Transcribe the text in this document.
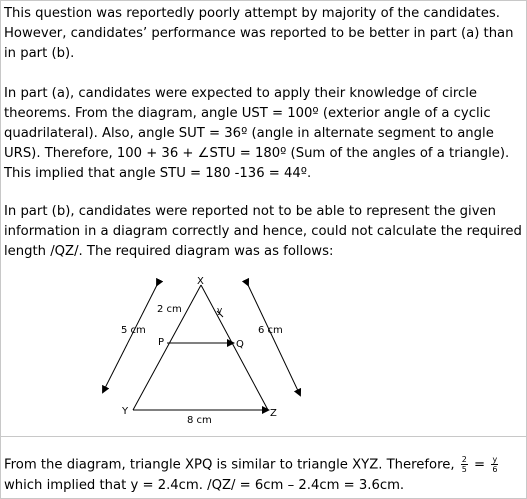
This question was reportedly poorly attempt by majority of the candidates. However, candidates’ performance was reported to be better in part (a) than in part (b).

In part (a), candidates were expected to apply their knowledge of circle theorems. From the diagram, angle UST = 100º (exterior angle of a cyclic quadrilateral). Also, angle SUT = 36º (angle in alternate segment to angle URS). Therefore, 100 + 36 + ∠STU = 180º (Sum of the angles of a triangle). This implied that angle STU = 180 -136 = 44º.

In part (b), candidates were reported not to be able to represent the given information in a diagram correctly and hence, could not calculate the required length /QZ/. The required diagram was as follows:

X
Y	Z
P	Q
y
2 cm
5 cm	6 cm
8 cm

From the diagram, triangle XPQ is similar to triangle XYZ. Therefore, $\frac{2}{5} = \frac{y}{6}$

which implied that y = 2.4cm. /QZ/ = 6cm – 2.4cm = 3.6cm.
